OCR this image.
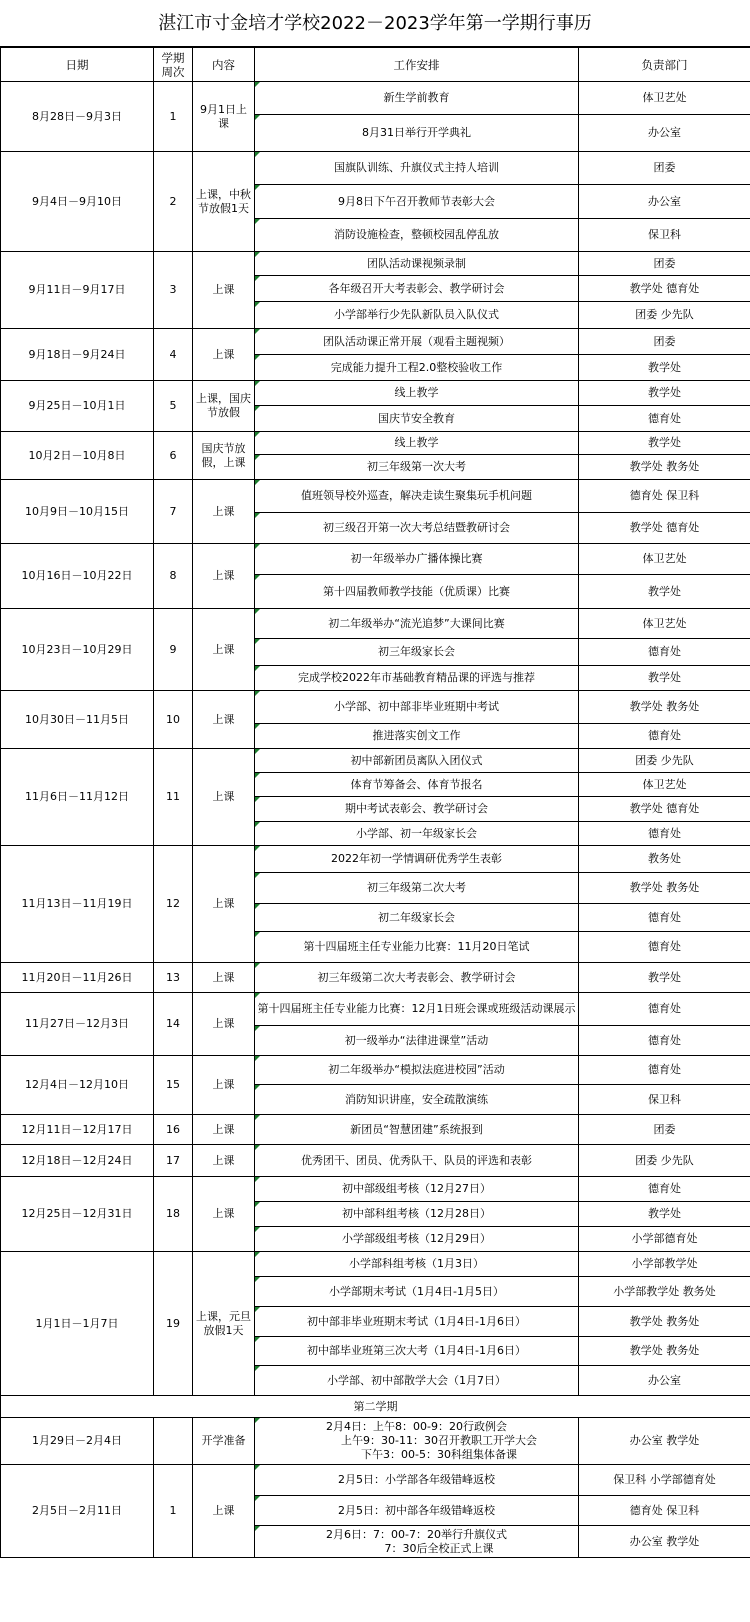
湛江市寸金培才学校2022－2023学年第一学期行事历
日期	学期周次	内容	工作安排	负责部门
8月28日－9月3日	1	9月1日上课	新生学前教育	体卫艺处
			8月31日举行开学典礼	办公室
9月4日－9月10日	2	上课，中秋节放假1天	国旗队训练、升旗仪式主持人培训	团委
			9月8日下午召开教师节表彰大会	办公室
			消防设施检查，整顿校园乱停乱放	保卫科
9月11日－9月17日	3	上课	团队活动课视频录制	团委
			各年级召开大考表彰会、教学研讨会	教学处 德育处
			小学部举行少先队新队员入队仪式	团委 少先队
9月18日－9月24日	4	上课	团队活动课正常开展（观看主题视频）	团委
			完成能力提升工程2.0整校验收工作	教学处
9月25日－10月1日	5	上课，国庆节放假	线上教学	教学处
			国庆节安全教育	德育处
10月2日－10月8日	6	国庆节放假，上课	线上教学	教学处
			初三年级第一次大考	教学处 教务处
10月9日－10月15日	7	上课	值班领导校外巡查，解决走读生聚集玩手机问题	德育处 保卫科
			初三级召开第一次大考总结暨教研讨会	教学处 德育处
10月16日－10月22日	8	上课	初一年级举办广播体操比赛	体卫艺处
			第十四届教师教学技能（优质课）比赛	教学处
10月23日－10月29日	9	上课	初二年级举办“流光追梦”大课间比赛	体卫艺处
			初三年级家长会	德育处
			完成学校2022年市基础教育精品课的评选与推荐	教学处
10月30日－11月5日	10	上课	小学部、初中部非毕业班期中考试	教学处 教务处
			推进落实创文工作	德育处
11月6日－11月12日	11	上课	初中部新团员离队入团仪式	团委 少先队
			体育节筹备会、体育节报名	体卫艺处
			期中考试表彰会、教学研讨会	教学处 德育处
			小学部、初一年级家长会	德育处
11月13日－11月19日	12	上课	2022年初一学情调研优秀学生表彰	教务处
			初三年级第二次大考	教学处 教务处
			初二年级家长会	德育处
			第十四届班主任专业能力比赛：11月20日笔试	德育处
11月20日－11月26日	13	上课	初三年级第二次大考表彰会、教学研讨会	教学处
11月27日－12月3日	14	上课	第十四届班主任专业能力比赛：12月1日班会课或班级活动课展示	德育处
			初一级举办“法律进课堂”活动	德育处
12月4日－12月10日	15	上课	初二年级举办“模拟法庭进校园”活动	德育处
			消防知识讲座，安全疏散演练	保卫科
12月11日－12月17日	16	上课	新团员“智慧团建”系统报到	团委
12月18日－12月24日	17	上课	优秀团干、团员、优秀队干、队员的评选和表彰	团委 少先队
12月25日－12月31日	18	上课	初中部级组考核（12月27日）	德育处
			初中部科组考核（12月28日）	教学处
			小学部级组考核（12月29日）	小学部德育处
1月1日－1月7日	19	上课，元旦放假1天	小学部科组考核（1月3日）	小学部教学处
			小学部期末考试（1月4日-1月5日）	小学部教学处 教务处
			初中部非毕业班期末考试（1月4日-1月6日）	教学处 教务处
			初中部毕业班第三次大考（1月4日-1月6日）	教学处 教务处
			小学部、初中部散学大会（1月7日）	办公室
第二学期				
1月29日－2月4日		开学准备	2月4日：上午8：00-9：20行政例会
上午9：30-11：30召开教职工开学大会
下午3：00-5：30科组集体备课	办公室 教学处
2月5日－2月11日	1	上课	2月5日：小学部各年级错峰返校	保卫科 小学部德育处
			2月5日：初中部各年级错峰返校	德育处 保卫科

			2月6日：7：00-7：20举行升旗仪式
7：30后全校正式上课	办公室 教学处
